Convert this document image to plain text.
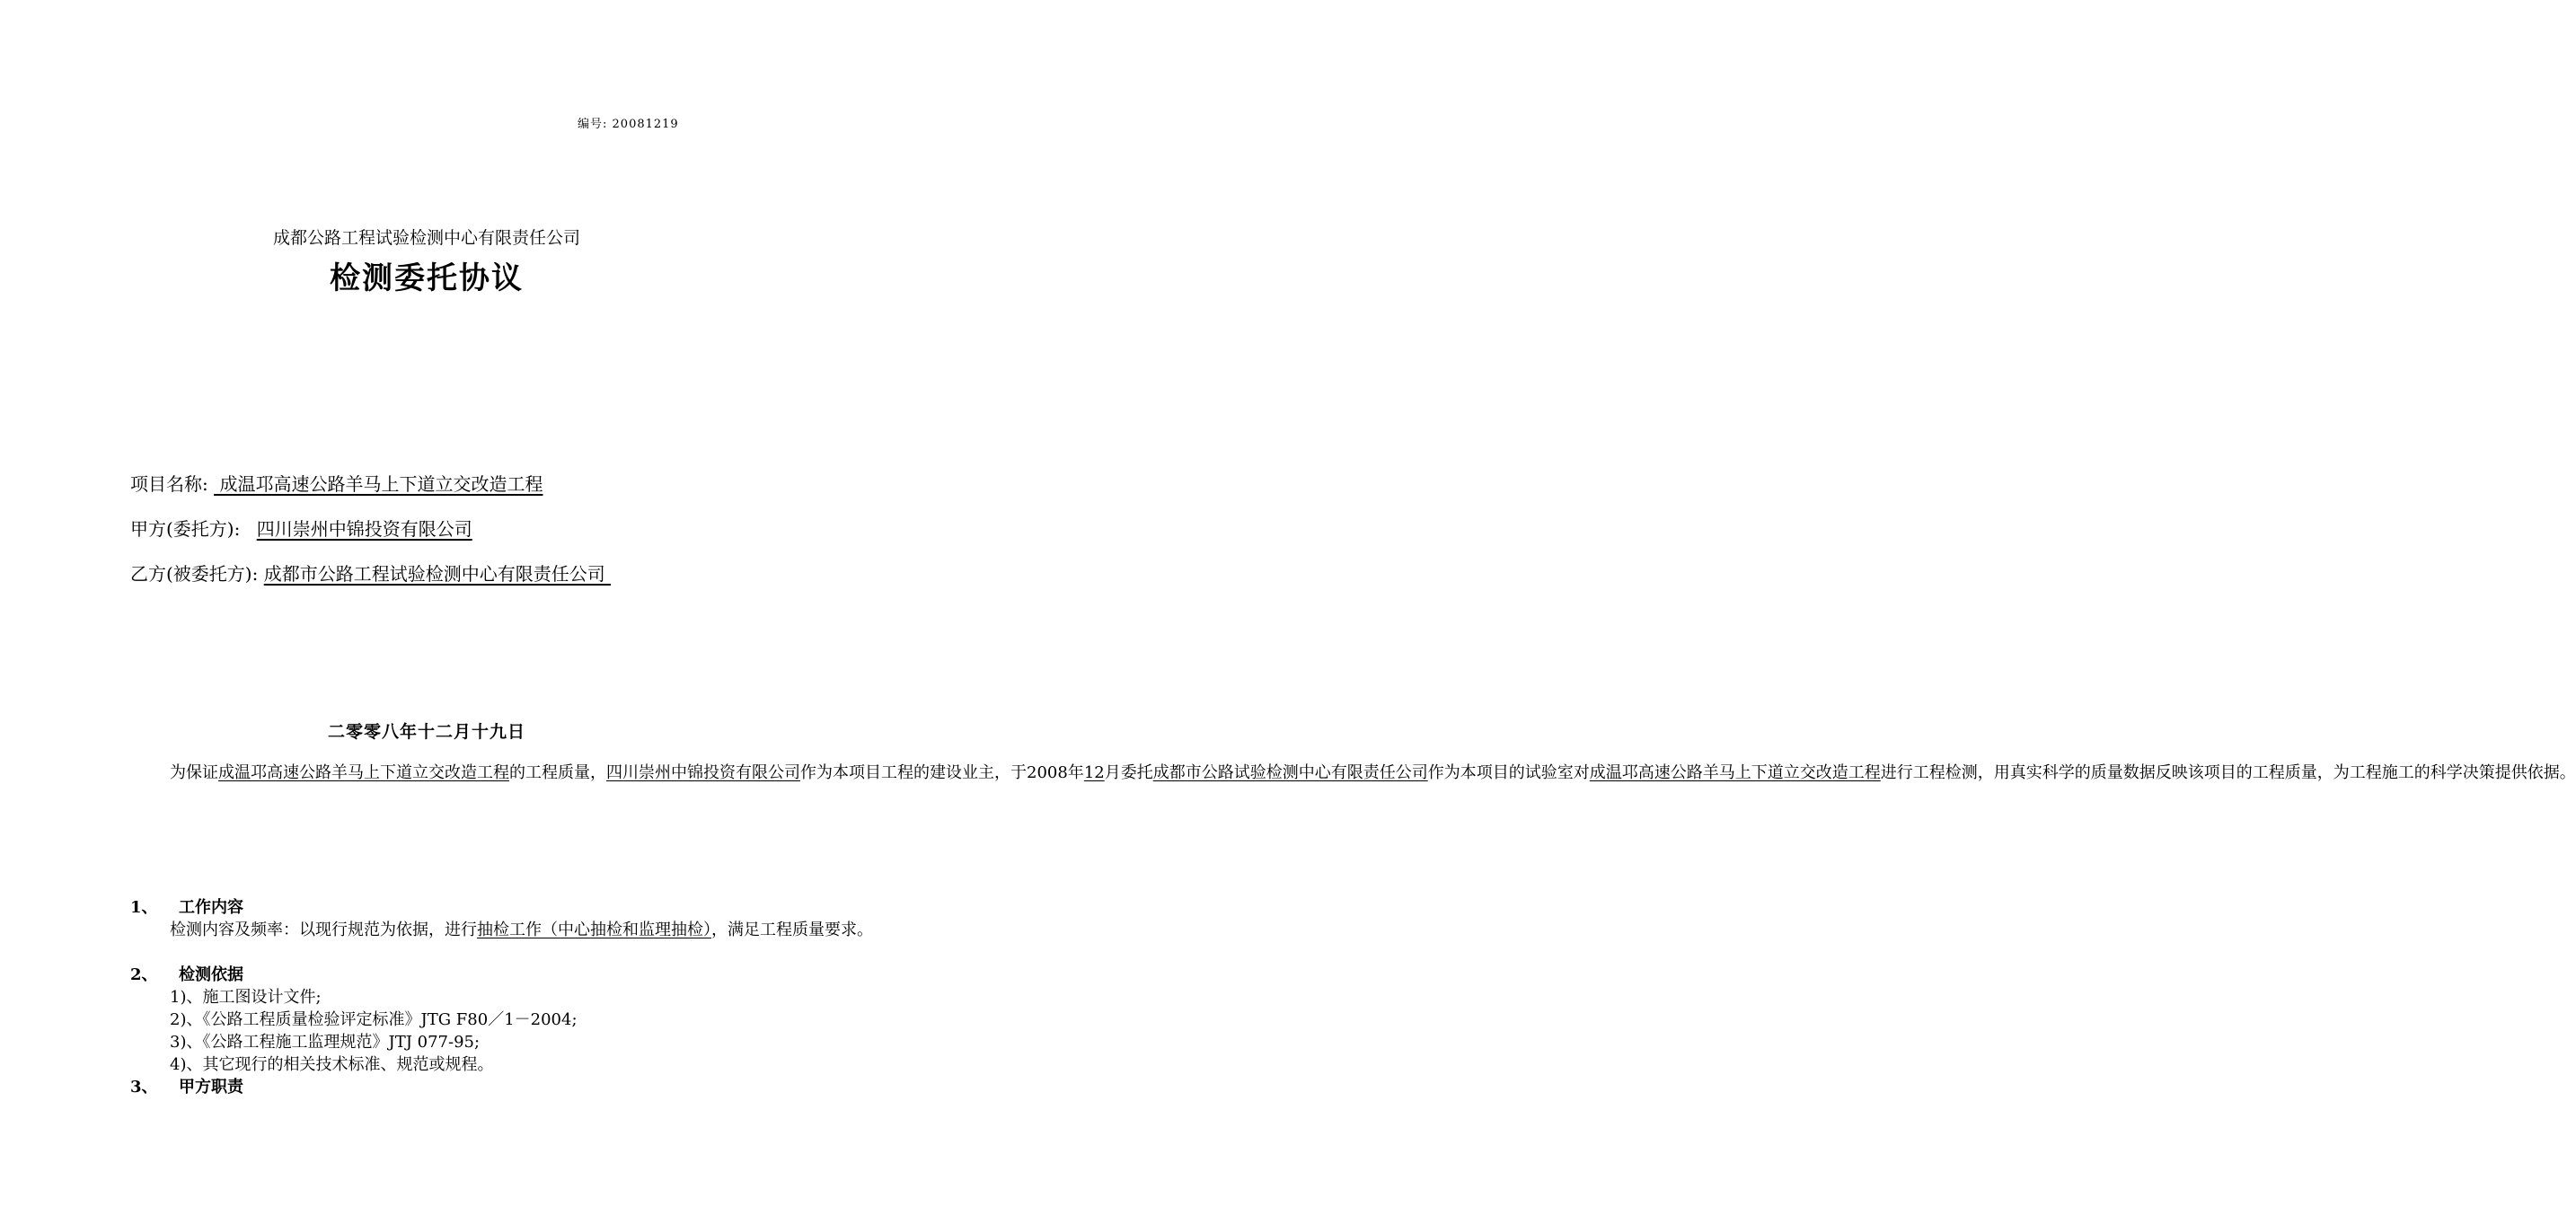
编号: 20081219
成都公路工程试验检测中心有限责任公司
检测委托协议
项目名称:  成温邛高速公路羊马上下道立交改造工程
甲方(委托方): 四川崇州中锦投资有限公司
乙方(被委托方): 成都市公路工程试验检测中心有限责任公司
二零零八年十二月十九日

为保证成温邛高速公路羊马上下道立交改造工程的工程质量，四川崇州中锦投资有限公司作为本项目工程的建设业主，于2008年12月委托成都市公路试验检测中心有限责任公司作为本项目的试验室对成温邛高速公路羊马上下道立交改造工程进行工程检测，用真实科学的质量数据反映该项目的工程质量，为工程施工的科学决策提供依据。

1、 工作内容

检测内容及频率：以现行规范为依据，进行抽检工作（中心抽检和监理抽检），满足工程质量要求。

2、 检测依据
1)、施工图设计文件;
2)、《公路工程质量检验评定标准》JTG F80／1－2004;
3)、《公路工程施工监理规范》JTJ 077-95;
4)、其它现行的相关技术标准、规范或规程。
3、 甲方职责
